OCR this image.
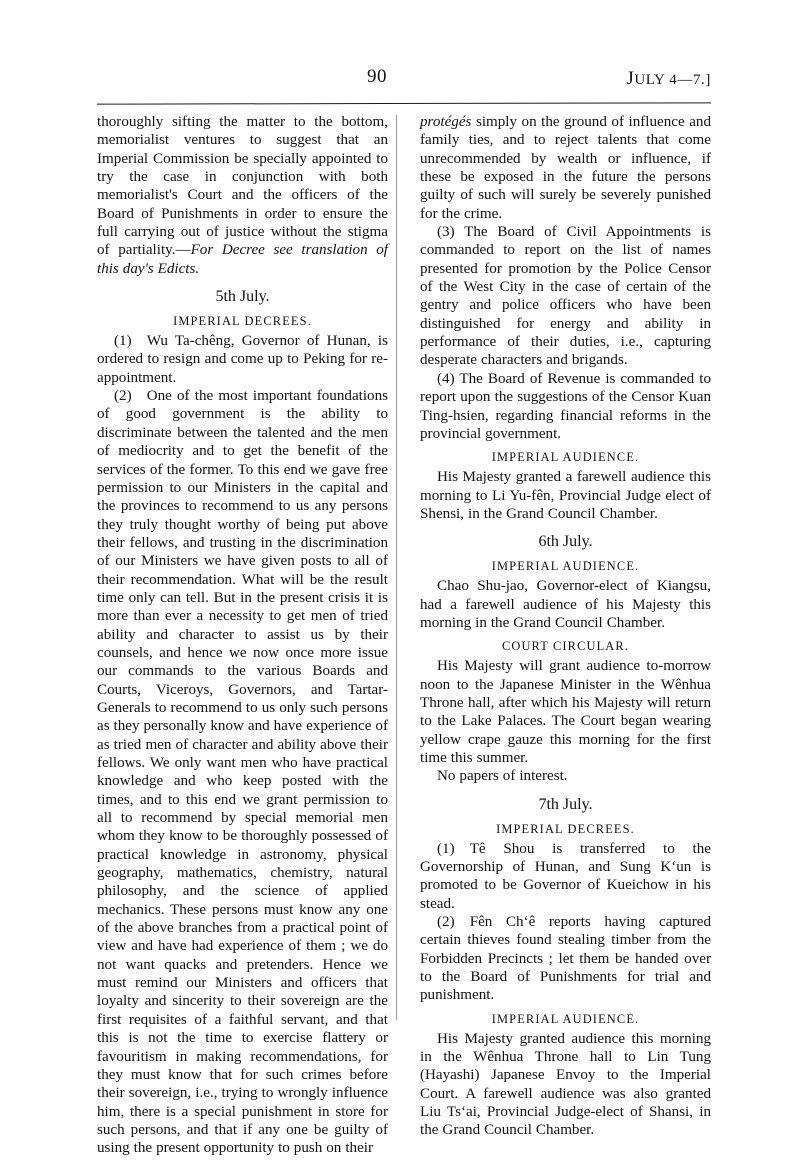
90	JULY 4—7.]

thoroughly sifting the matter to the bottom, memorialist ventures to suggest that an Imperial Commission be specially appointed to try the case in conjunction with both memorialist's Court and the officers of the Board of Punishments in order to ensure the full carrying out of justice without the stigma of partiality.—For Decree see translation of this day's Edicts.

5th July.
IMPERIAL DECREES.

(1) Wu Ta-chêng, Governor of Hunan, is ordered to resign and come up to Peking for re-appointment.

(2) One of the most important foundations of good government is the ability to discriminate between the talented and the men of mediocrity and to get the benefit of the services of the former. To this end we gave free permission to our Ministers in the capital and the provinces to recommend to us any persons they truly thought worthy of being put above their fellows, and trusting in the discrimination of our Ministers we have given posts to all of their recommendation. What will be the result time only can tell. But in the present crisis it is more than ever a necessity to get men of tried ability and character to assist us by their counsels, and hence we now once more issue our commands to the various Boards and Courts, Viceroys, Governors, and Tartar-Generals to recommend to us only such persons as they personally know and have experience of as tried men of character and ability above their fellows. We only want men who have practical knowledge and who keep posted with the times, and to this end we grant permission to all to recommend by special memorial men whom they know to be thoroughly possessed of practical knowledge in astronomy, physical geography, mathematics, chemistry, natural philosophy, and the science of applied mechanics. These persons must know any one of the above branches from a practical point of view and have had experience of them ; we do not want quacks and pretenders. Hence we must remind our Ministers and officers that loyalty and sincerity to their sovereign are the first requisites of a faithful servant, and that this is not the time to exercise flattery or favouritism in making recommendations, for they must know that for such crimes before their sovereign, i.e., trying to wrongly influence him, there is a special punishment in store for such persons, and that if any one be guilty of using the present opportunity to push on their

protégés simply on the ground of influence and family ties, and to reject talents that come unrecommended by wealth or influence, if these be exposed in the future the persons guilty of such will surely be severely punished for the crime.

(3) The Board of Civil Appointments is commanded to report on the list of names presented for promotion by the Police Censor of the West City in the case of certain of the gentry and police officers who have been distinguished for energy and ability in performance of their duties, i.e., capturing desperate characters and brigands.

(4) The Board of Revenue is commanded to report upon the suggestions of the Censor Kuan Ting-hsien, regarding financial reforms in the provincial government.

IMPERIAL AUDIENCE.

His Majesty granted a farewell audience this morning to Li Yu-fên, Provincial Judge elect of Shensi, in the Grand Council Chamber.

6th July.
IMPERIAL AUDIENCE.

Chao Shu-jao, Governor-elect of Kiangsu, had a farewell audience of his Majesty this morning in the Grand Council Chamber.

COURT CIRCULAR.

His Majesty will grant audience to-morrow noon to the Japanese Minister in the Wênhua Throne hall, after which his Majesty will return to the Lake Palaces. The Court began wearing yellow crape gauze this morning for the first time this summer.

No papers of interest.

7th July.
IMPERIAL DECREES.

(1) Tê Shou is transferred to the Governorship of Hunan, and Sung K‘un is promoted to be Governor of Kueichow in his stead.

(2) Fên Ch‘ê reports having captured certain thieves found stealing timber from the Forbidden Precincts ; let them be handed over to the Board of Punishments for trial and punishment.

IMPERIAL AUDIENCE.

His Majesty granted audience this morning in the Wênhua Throne hall to Lin Tung (Hayashi) Japanese Envoy to the Imperial Court. A farewell audience was also granted Liu Ts‘ai, Provincial Judge-elect of Shansi, in the Grand Council Chamber.
